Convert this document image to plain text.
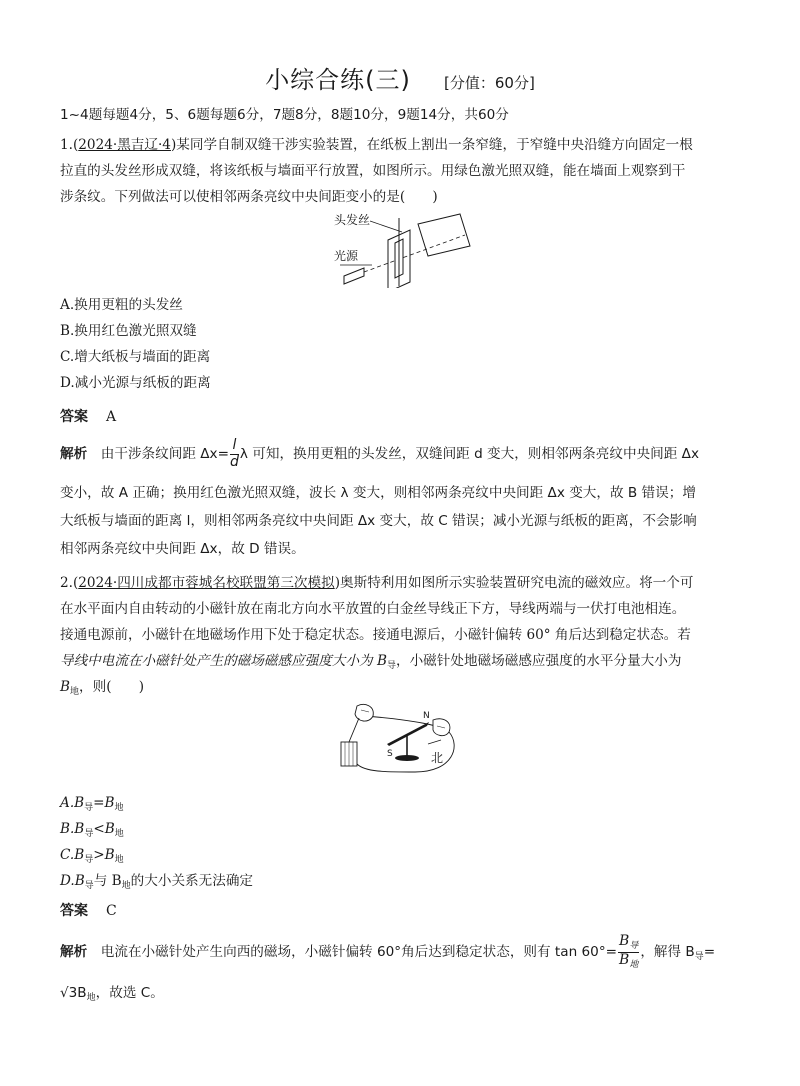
小综合练(三) [分值：60分]
1~4题每题4分，5、6题每题6分，7题8分，8题10分，9题14分，共60分
1.(2024·黑吉辽·4)某同学自制双缝干涉实验装置，在纸板上割出一条窄缝，于窄缝中央沿缝方向固定一根
拉直的头发丝形成双缝，将该纸板与墙面平行放置，如图所示。用绿色激光照双缝，能在墙面上观察到干
涉条纹。下列做法可以使相邻两条亮纹中央间距变小的是(　　)
头发丝
光源
A.换用更粗的头发丝
B.换用红色激光照双缝
C.增大纸板与墙面的距离
D.减小光源与纸板的距离
答案 A
解析  由干涉条纹间距 $\Delta x= \frac{l}{d}$ λ 可知，换用更粗的头发丝，双缝间距 d 变大，则相邻两条亮纹中央间距 Δx
变小，故 A 正确；换用红色激光照双缝，波长 λ 变大，则相邻两条亮纹中央间距 Δx 变大，故 B 错误；增
大纸板与墙面的距离 l，则相邻两条亮纹中央间距 Δx 变大，故 C 错误；减小光源与纸板的距离，不会影响
相邻两条亮纹中央间距 Δx，故 D 错误。
2.(2024·四川成都市蓉城名校联盟第三次模拟)奥斯特利用如图所示实验装置研究电流的磁效应。将一个可
在水平面内自由转动的小磁针放在南北方向水平放置的白金丝导线正下方，导线两端与一伏打电池相连。
接通电源前，小磁针在地磁场作用下处于稳定状态。接通电源后，小磁针偏转 60° 角后达到稳定状态。若
导线中电流在小磁针处产生的磁场磁感应强度大小为 $B_导$，小磁针处地磁场磁感应强度的水平分量大小为
$B_地$，则(　　)
N
S	北
$A.B_导=B_地$
$B.B_导<B_地$
$C.B_导>B_地$
$D.B_导$与 $B_地$的大小关系无法确定
答案 C
解析  电流在小磁针处产生向西的磁场，小磁针偏转 60°角后达到稳定状态，则有 $\tan 60^\circ= \frac{B_导}{B_地}$ ，解得 $B_导=$
$√3B_地$，故选 C。
